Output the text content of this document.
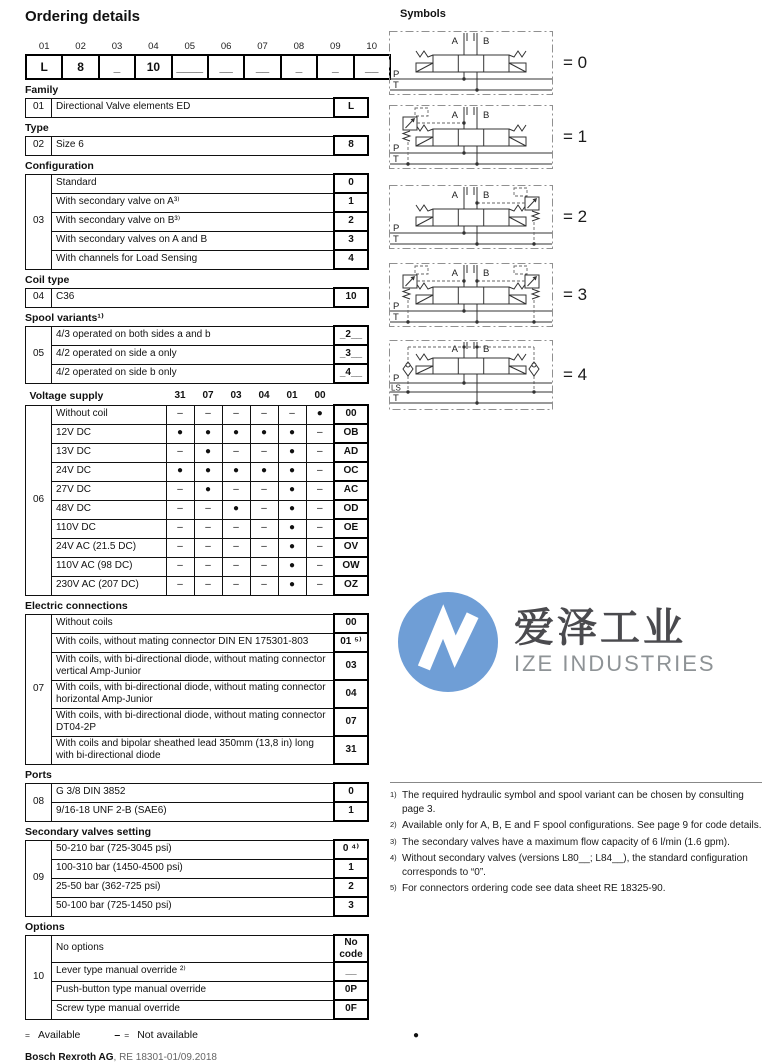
Ordering details
01	02	03	04	05	06	07	08	09	10
L	8	_	10	____	__	__	_	_	__
Family
01	Directional Valve elements ED	L
Type
02	Size 6	8
Configuration
03	Standard	0
	With secondary valve on A³⁾	1
	With secondary valve on B³⁾	2
	With secondary valves on A and B	3
	With channels for Load Sensing	4
Coil type
04	C36	10
Spool variants¹⁾
05	4/3 operated on both sides a and b	_2__
	4/2 operated on side a only	_3__
	4/2 operated on side b only	_4__
Voltage supply		31	07	03	04	01	00	
06	Without coil	–	–	–	–	–	●	00
	12V DC	●	●	●	●	●	–	OB
	13V DC	–	●	–	–	●	–	AD
	24V DC	●	●	●	●	●	–	OC
	27V DC	–	●	–	–	●	–	AC
	48V DC	–	–	●	–	●	–	OD
	110V DC	–	–	–	–	●	–	OE
	24V AC (21.5 DC)	–	–	–	–	●	–	OV
	110V AC (98 DC)	–	–	–	–	●	–	OW
	230V AC (207 DC)	–	–	–	–	●	–	OZ
Electric connections
07	Without coils	00
	With coils, without mating connector DIN EN 175301-803	01 ⁵⁾
	With coils, with bi-directional diode, without mating connector vertical Amp-Junior	03
	With coils, with bi-directional diode, without mating connector horizontal Amp-Junior	04
	With coils, with bi-directional diode, without mating connector DT04-2P	07
	With coils and bipolar sheathed lead 350mm (13,8 in) long with bi-directional diode	31
Ports
08	G 3/8 DIN 3852	0
	9/16-18 UNF 2-B (SAE6)	1
Secondary valves setting
09	50-210 bar (725-3045 psi)	0 ⁴⁾
	100-310 bar (1450-4500 psi)	1
	25-50 bar (362-725 psi)	2
	50-100 bar (725-1450 psi)	3
Options
10	No options	No code
	Lever type manual override ²⁾	__
	Push-button type manual override	0P
	Screw type manual override	0F
●
= Available	– = Not available
Bosch Rexroth AG, RE 18301-01/09.2018
Symbols
A	B
P
T
= 0
A	B
P
T
= 1
A	B
P
T
= 2
A	B
P
T
= 3
A	B
P
LS
T
= 4
爱泽工业
IZE INDUSTRIES
1) The required hydraulic symbol and spool variant can be chosen by consulting page 3.
2) Available only for A, B, E and F spool configurations. See page 9 for code details.
3) The secondary valves have a maximum flow capacity of 6 l/min (1.6 gpm).
4) Without secondary valves (versions L80__; L84__), the standard configuration corresponds to “0”.
5) For connectors ordering code see data sheet RE 18325-90.
